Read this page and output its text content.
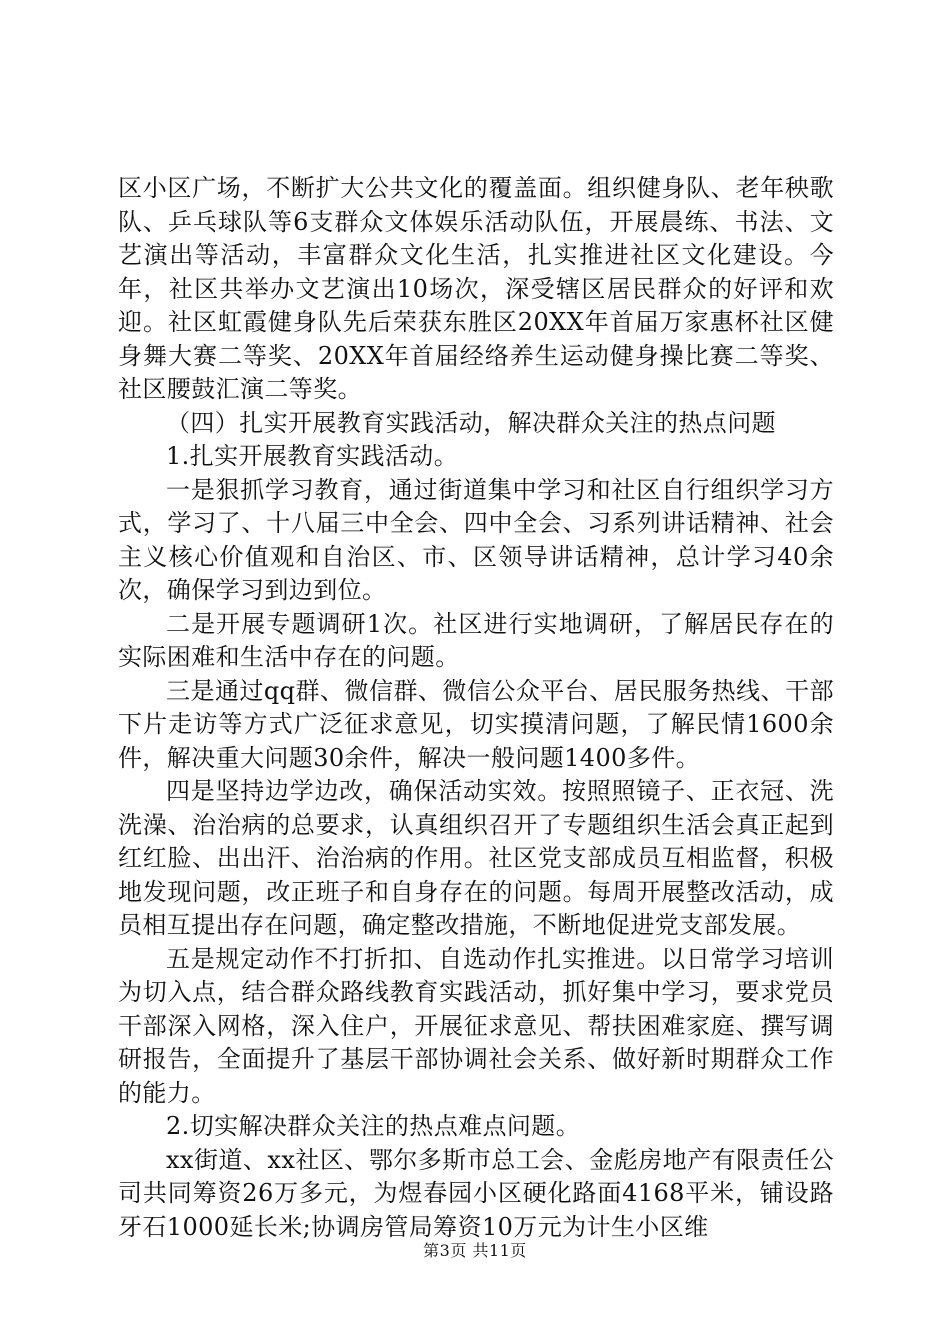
区小区广场，不断扩大公共文化的覆盖面。组织健身队、老年秧歌队、乒乓球队等6支群众文体娱乐活动队伍，开展晨练、书法、文艺演出等活动，丰富群众文化生活，扎实推进社区文化建设。今年，社区共举办文艺演出10场次，深受辖区居民群众的好评和欢迎。社区虹霞健身队先后荣获东胜区20XX年首届万家惠杯社区健身舞大赛二等奖、20XX年首届经络养生运动健身操比赛二等奖、社区腰鼓汇演二等奖。

（四）扎实开展教育实践活动，解决群众关注的热点问题

1.扎实开展教育实践活动。

一是狠抓学习教育，通过街道集中学习和社区自行组织学习方式，学习了、十八届三中全会、四中全会、习系列讲话精神、社会主义核心价值观和自治区、市、区领导讲话精神，总计学习40余次，确保学习到边到位。

二是开展专题调研1次。社区进行实地调研，了解居民存在的实际困难和生活中存在的问题。

三是通过qq群、微信群、微信公众平台、居民服务热线、干部下片走访等方式广泛征求意见，切实摸清问题，了解民情1600余件，解决重大问题30余件，解决一般问题1400多件。

四是坚持边学边改，确保活动实效。按照照镜子、正衣冠、洗洗澡、治治病的总要求，认真组织召开了专题组织生活会真正起到红红脸、出出汗、治治病的作用。社区党支部成员互相监督，积极地发现问题，改正班子和自身存在的问题。每周开展整改活动，成员相互提出存在问题，确定整改措施，不断地促进党支部发展。

五是规定动作不打折扣、自选动作扎实推进。以日常学习培训为切入点，结合群众路线教育实践活动，抓好集中学习，要求党员干部深入网格，深入住户，开展征求意见、帮扶困难家庭、撰写调研报告，全面提升了基层干部协调社会关系、做好新时期群众工作的能力。

2.切实解决群众关注的热点难点问题。

xx街道、xx社区、鄂尔多斯市总工会、金彪房地产有限责任公司共同筹资26万多元，为煜春园小区硬化路面4168平米，铺设路牙石1000延长米;协调房管局筹资10万元为计生小区维

第3页 共11页
